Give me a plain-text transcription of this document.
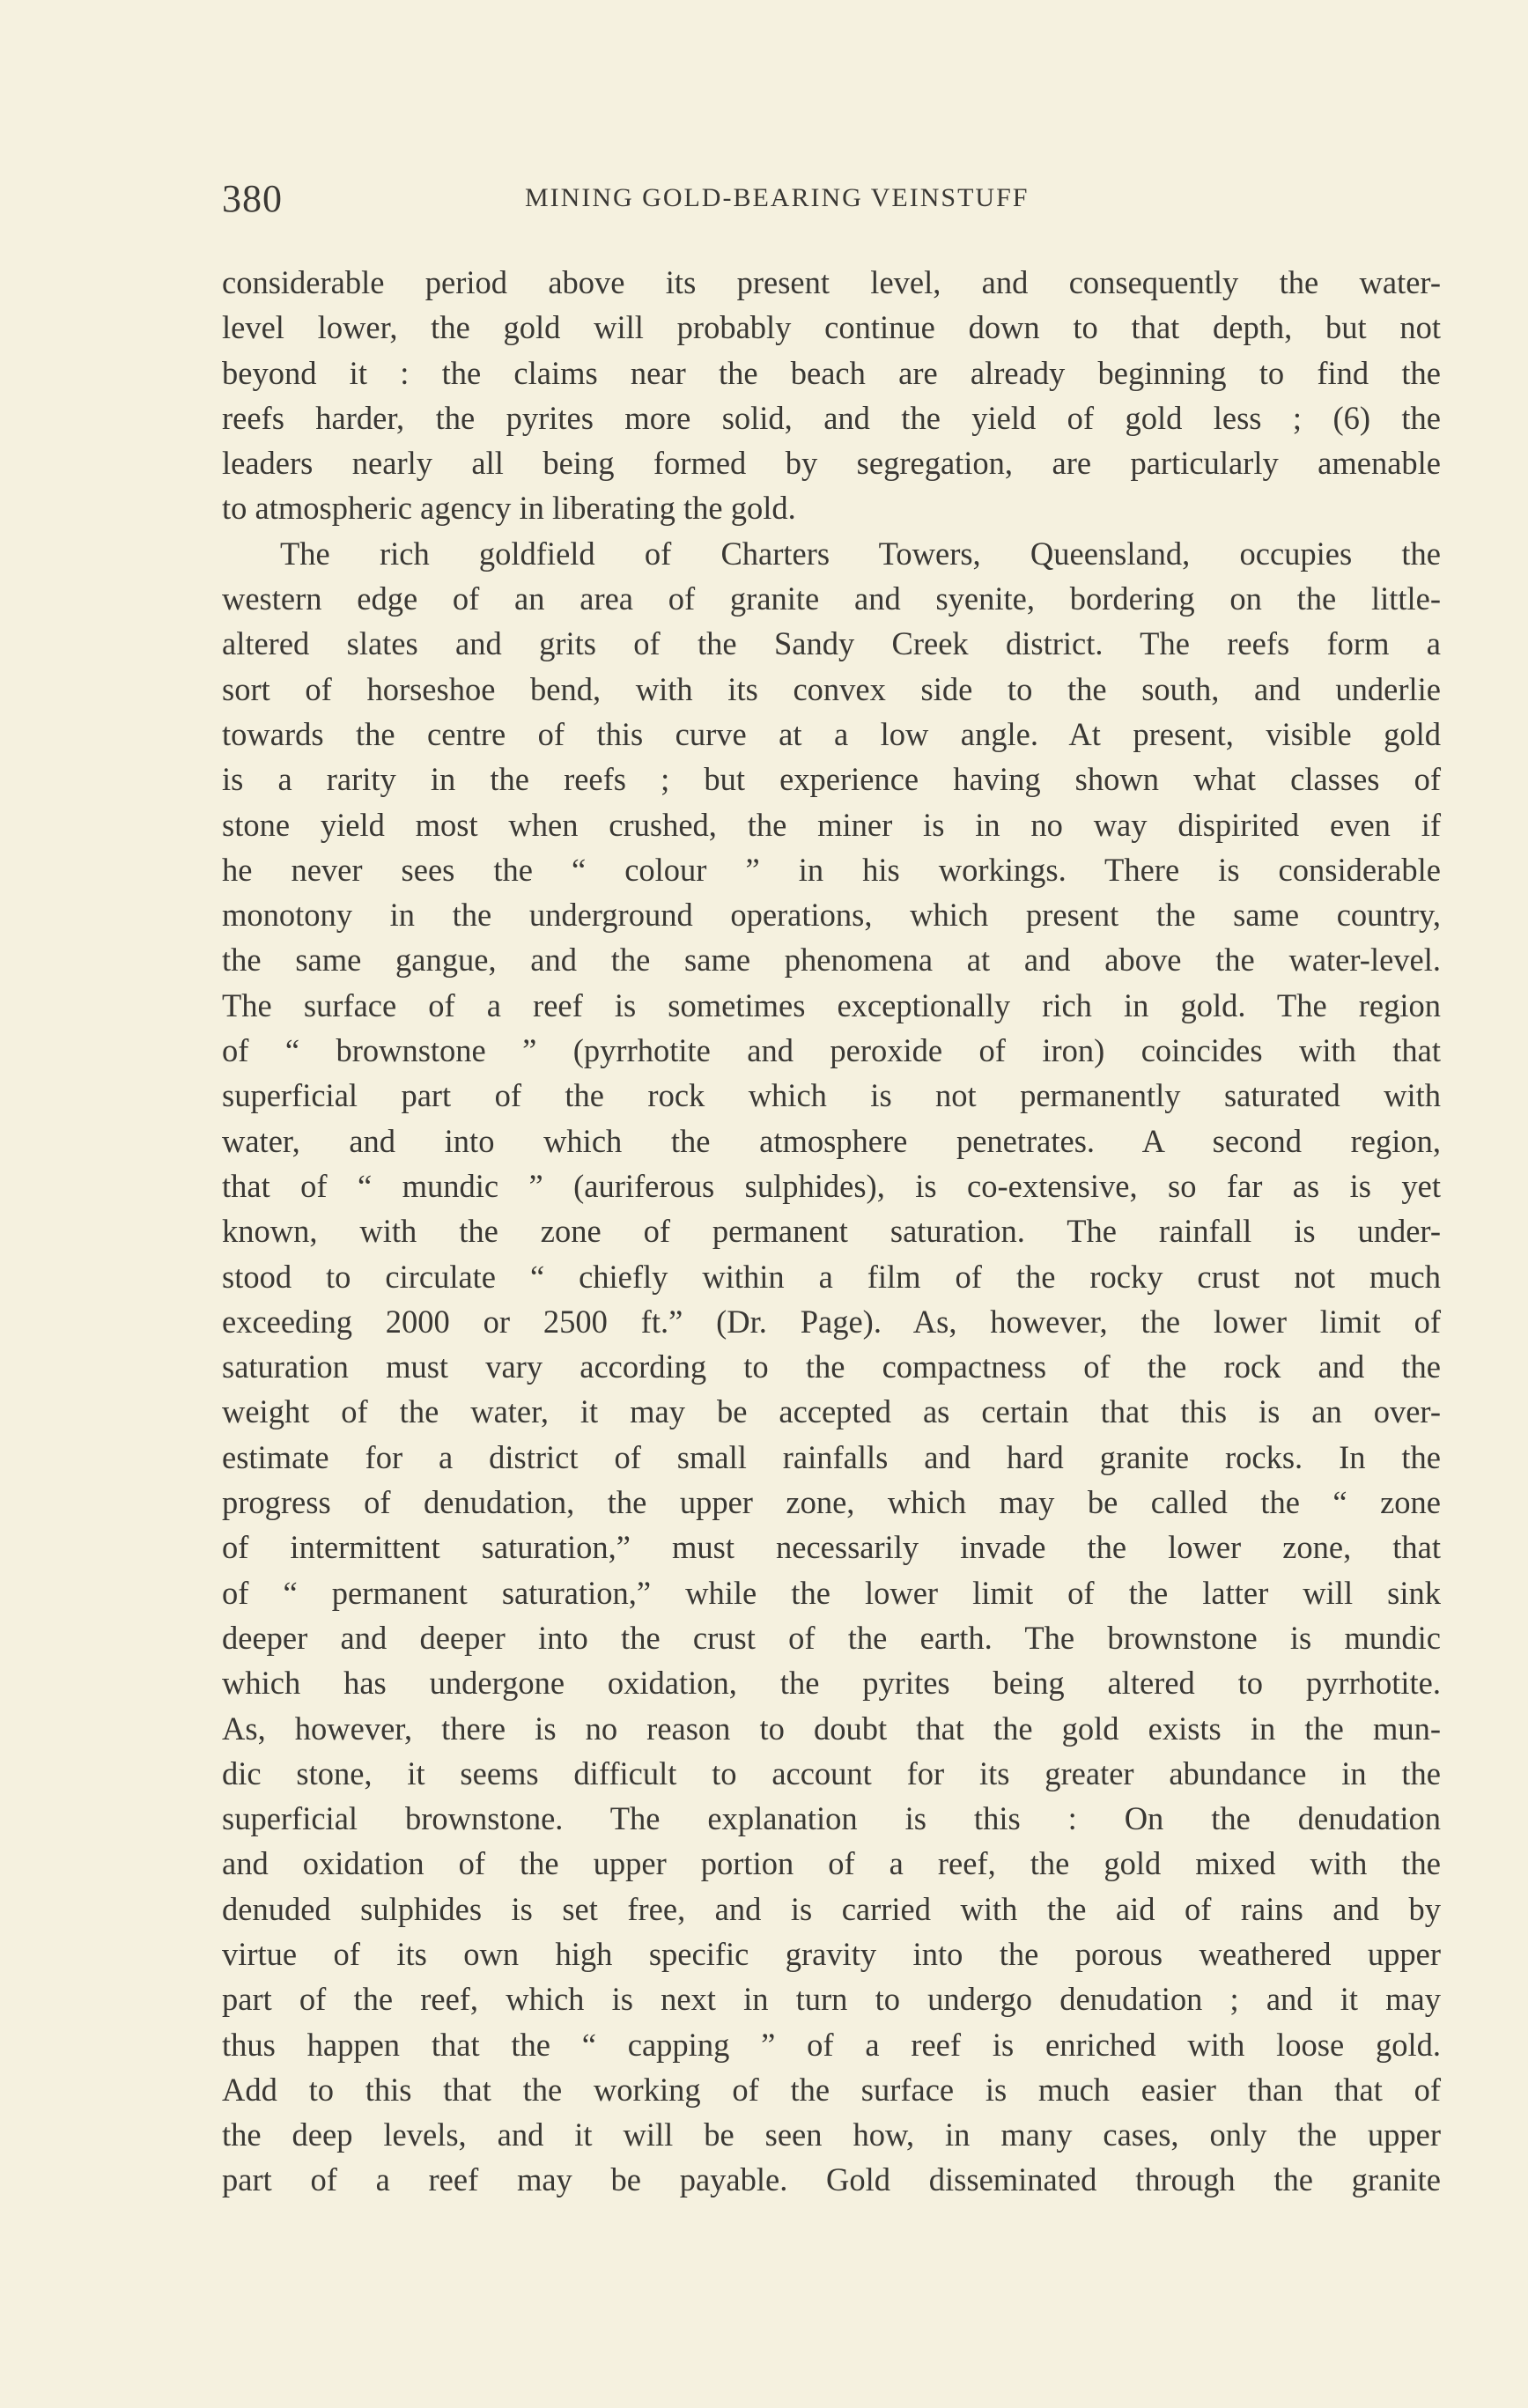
380	MINING GOLD-BEARING VEINSTUFF
considerable period above its present level, and consequently the water-
level lower, the gold will probably continue down to that depth, but not
beyond it : the claims near the beach are already beginning to find the
reefs harder, the pyrites more solid, and the yield of gold less ; (6) the
leaders nearly all being formed by segregation, are particularly amenable
to atmospheric agency in liberating the gold.
The rich goldfield of Charters Towers, Queensland, occupies the
western edge of an area of granite and syenite, bordering on the little-
altered slates and grits of the Sandy Creek district. The reefs form a
sort of horseshoe bend, with its convex side to the south, and underlie
towards the centre of this curve at a low angle. At present, visible gold
is a rarity in the reefs ; but experience having shown what classes of
stone yield most when crushed, the miner is in no way dispirited even if
he never sees the “ colour ” in his workings. There is considerable
monotony in the underground operations, which present the same country,
the same gangue, and the same phenomena at and above the water-level.
The surface of a reef is sometimes exceptionally rich in gold. The region
of “ brownstone ” (pyrrhotite and peroxide of iron) coincides with that
superficial part of the rock which is not permanently saturated with
water, and into which the atmosphere penetrates. A second region,
that of “ mundic ” (auriferous sulphides), is co-extensive, so far as is yet
known, with the zone of permanent saturation. The rainfall is under-
stood to circulate “ chiefly within a film of the rocky crust not much
exceeding 2000 or 2500 ft.” (Dr. Page). As, however, the lower limit of
saturation must vary according to the compactness of the rock and the
weight of the water, it may be accepted as certain that this is an over-
estimate for a district of small rainfalls and hard granite rocks. In the
progress of denudation, the upper zone, which may be called the “ zone
of intermittent saturation,” must necessarily invade the lower zone, that
of “ permanent saturation,” while the lower limit of the latter will sink
deeper and deeper into the crust of the earth. The brownstone is mundic
which has undergone oxidation, the pyrites being altered to pyrrhotite.
As, however, there is no reason to doubt that the gold exists in the mun-
dic stone, it seems difficult to account for its greater abundance in the
superficial brownstone. The explanation is this : On the denudation
and oxidation of the upper portion of a reef, the gold mixed with the
denuded sulphides is set free, and is carried with the aid of rains and by
virtue of its own high specific gravity into the porous weathered upper
part of the reef, which is next in turn to undergo denudation ; and it may
thus happen that the “ capping ” of a reef is enriched with loose gold.
Add to this that the working of the surface is much easier than that of
the deep levels, and it will be seen how, in many cases, only the upper
part of a reef may be payable. Gold disseminated through the granite
